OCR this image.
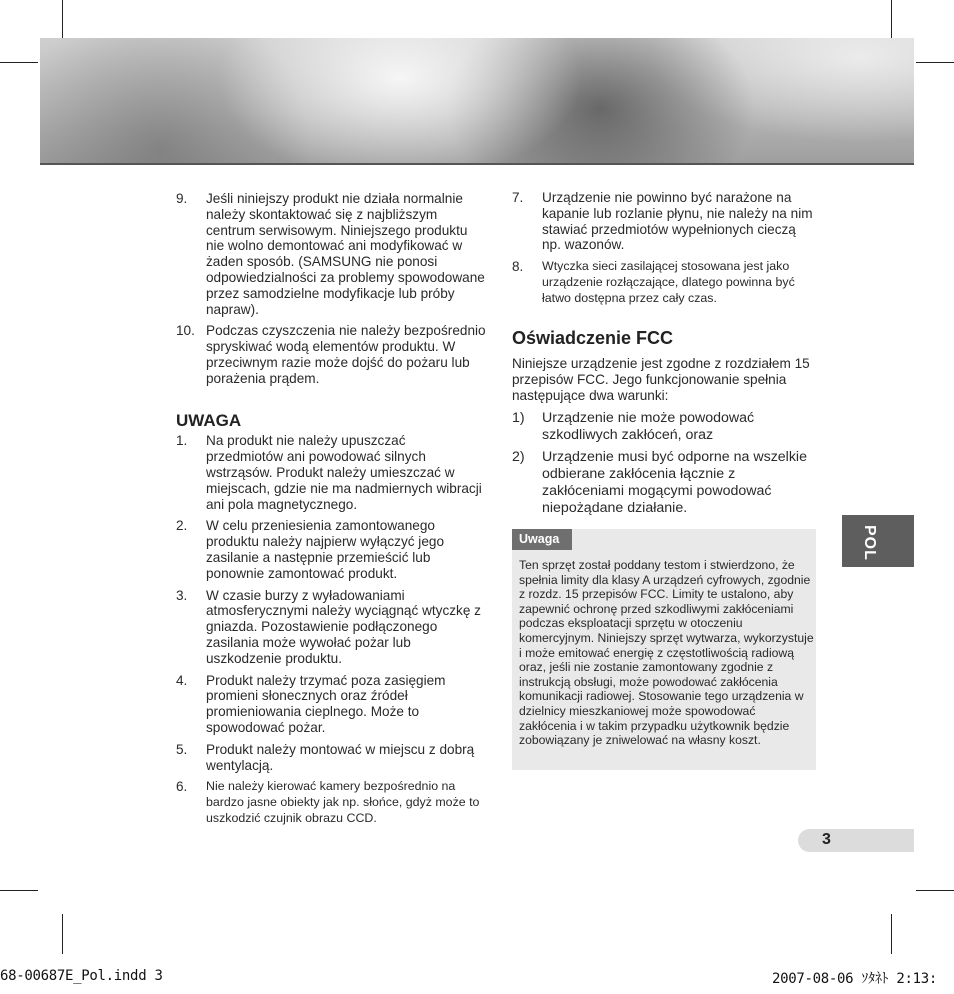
9.	Jeśli niniejszy produkt nie działa normalnie należy skontaktować się z najbliższym centrum serwisowym. Niniejszego produktu nie wolno demontować ani modyfikować w żaden sposób. (SAMSUNG nie ponosi odpowiedzialności za problemy spowodowane przez samodzielne modyfikacje lub próby napraw).
10. Podczas czyszczenia nie należy bezpośrednio spryskiwać wodą elementów produktu. W przeciwnym razie może dojść do pożaru lub porażenia prądem.
UWAGA
1.	Na produkt nie należy upuszczać przedmiotów ani powodować silnych wstrząsów. Produkt należy umieszczać w miejscach, gdzie nie ma nadmiernych wibracji ani pola magnetycznego.
2.	W celu przeniesienia zamontowanego produktu należy najpierw wyłączyć jego zasilanie a następnie przemieścić lub ponownie zamontować produkt.
3.	W czasie burzy z wyładowaniami atmosferycznymi należy wyciągnąć wtyczkę z gniazda. Pozostawienie podłączonego zasilania może wywołać pożar lub uszkodzenie produktu.
4.	Produkt należy trzymać poza zasięgiem promieni słonecznych oraz źródeł promieniowania cieplnego. Może to spowodować pożar.
5.	Produkt należy montować w miejscu z dobrą wentylacją.
6.	Nie należy kierować kamery bezpośrednio na bardzo jasne obiekty jak np. słońce, gdyż może to uszkodzić czujnik obrazu CCD.
7.	Urządzenie nie powinno być narażone na kapanie lub rozlanie płynu, nie należy na nim stawiać przedmiotów wypełnionych cieczą np. wazonów.
8.	Wtyczka sieci zasilającej stosowana jest jako urządzenie rozłączające, dlatego powinna być łatwo dostępna przez cały czas.
Oświadczenie FCC

Niniejsze urządzenie jest zgodne z rozdziałem 15 przepisów FCC. Jego funkcjonowanie spełnia następujące dwa warunki:

1)	Urządzenie nie może powodować szkodliwych zakłóceń, oraz
2)	Urządzenie musi być odporne na wszelkie odbierane zakłócenia łącznie z zakłóceniami mogącymi powodować niepożądane działanie.
Uwaga
Ten sprzęt został poddany testom i stwierdzono, że spełnia limity dla klasy A urządzeń cyfrowych, zgodnie z rozdz. 15 przepisów FCC. Limity te ustalono, aby zapewnić ochronę przed szkodliwymi zakłóceniami podczas eksploatacji sprzętu w otoczeniu komercyjnym. Niniejszy sprzęt wytwarza, wykorzystuje i może emitować energię z częstotliwością radiową oraz, jeśli nie zostanie zamontowany zgodnie z instrukcją obsługi, może powodować zakłócenia komunikacji radiowej. Stosowanie tego urządzenia w dzielnicy mieszkaniowej może spowodować zakłócenia i w takim przypadku użytkownik będzie zobowiązany je zniwelować na własny koszt.
POL
3
68-00687E_Pol.indd 3	2007-08-06 ｿﾀﾈﾄ 2:13:
